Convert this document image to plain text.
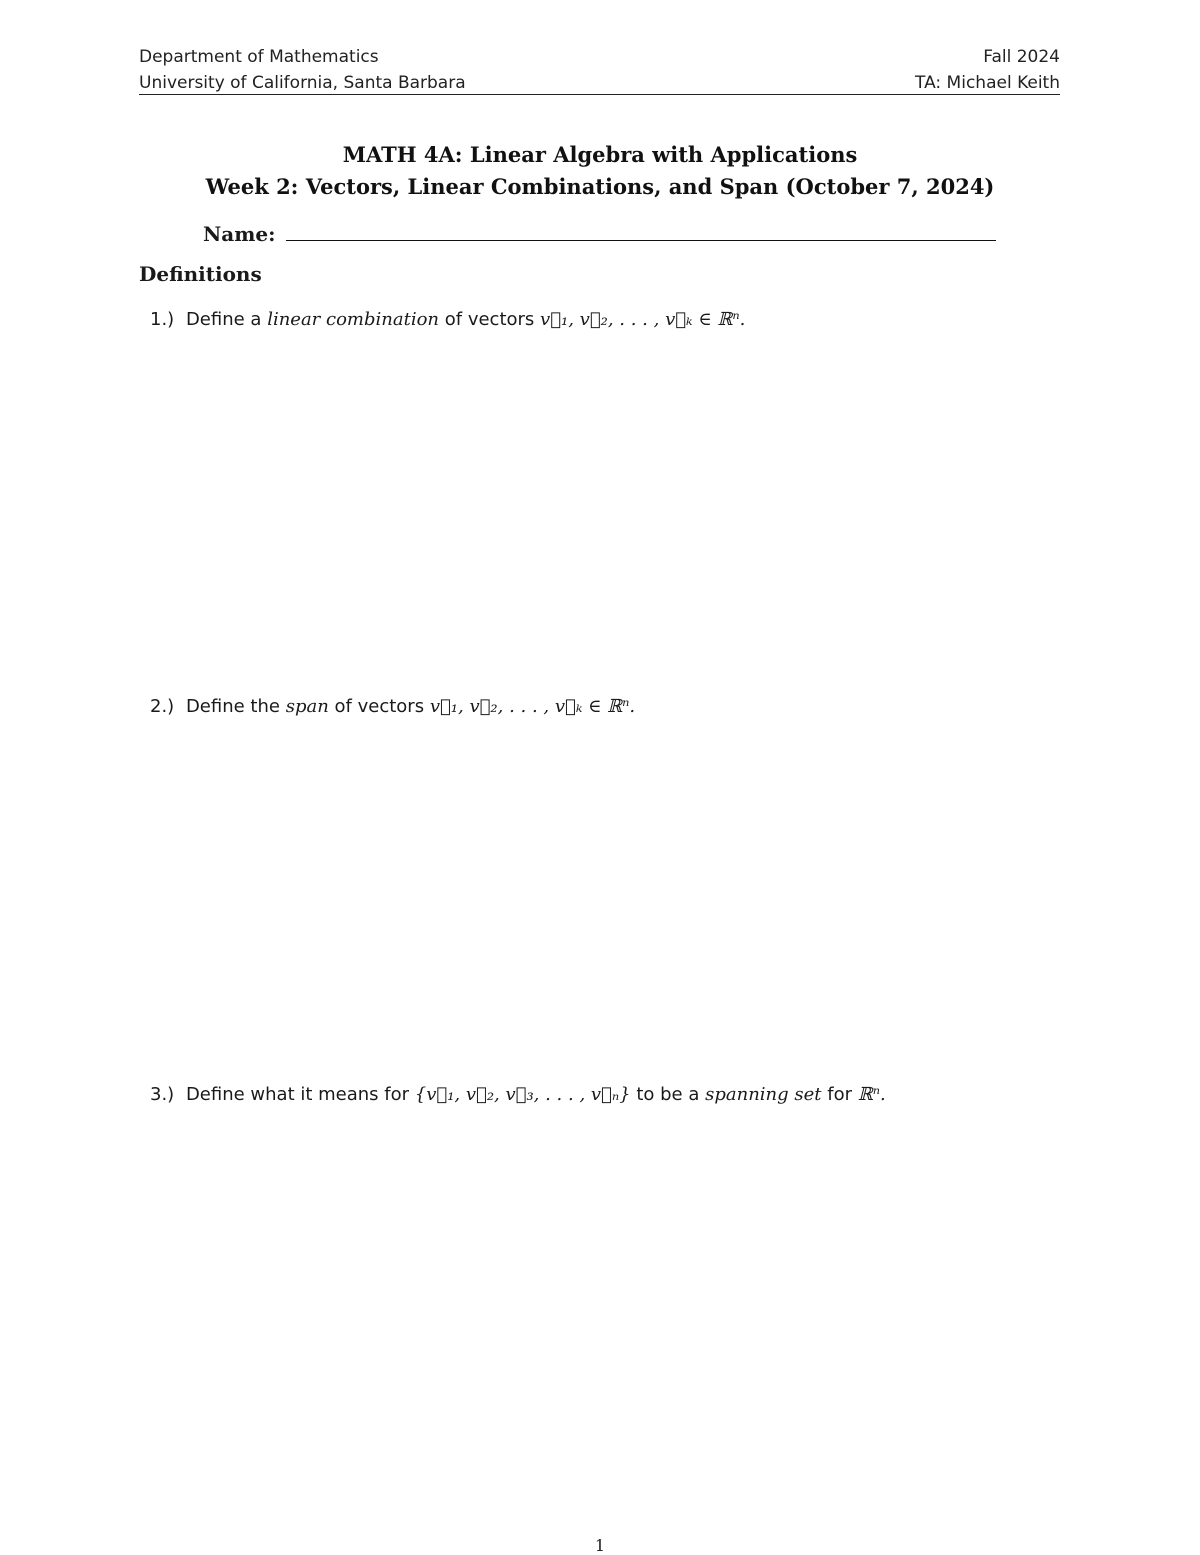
Department of Mathematics
University of California, Santa Barbara
Fall 2024
TA: Michael Keith
MATH 4A: Linear Algebra with Applications
Week 2: Vectors, Linear Combinations, and Span (October 7, 2024)
Name:
Definitions
1.) Define a linear combination of vectors v⃗₁, v⃗₂, . . . , v⃗ₖ ∈ ℝⁿ.
2.) Define the span of vectors v⃗₁, v⃗₂, . . . , v⃗ₖ ∈ ℝⁿ.
3.) Define what it means for {v⃗₁, v⃗₂, v⃗₃, . . . , v⃗ₙ} to be a spanning set for ℝⁿ.
1
